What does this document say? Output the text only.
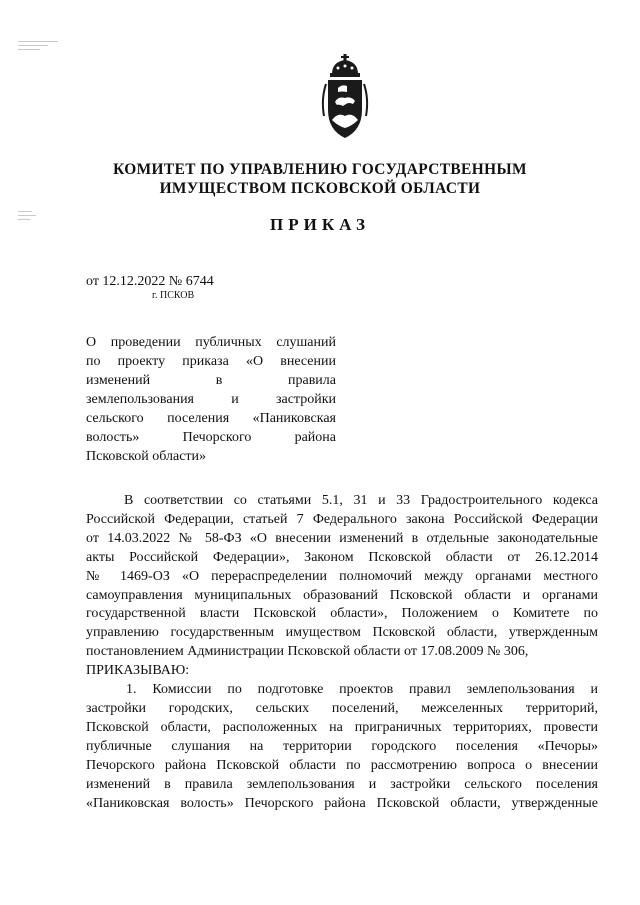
КОМИТЕТ ПО УПРАВЛЕНИЮ ГОСУДАРСТВЕННЫМ
ИМУЩЕСТВОМ ПСКОВСКОЙ ОБЛАСТИ
ПРИКАЗ
от 12.12.2022 № 6744
г. ПСКОВ
О проведении публичных слушаний
по проекту приказа «О внесении
изменений в правила
землепользования и застройки
сельского поселения «Паниковская
волость» Печорского района
Псковской области»
В соответствии со статьями 5.1, 31 и 33 Градостроительного кодекса
Российской Федерации, статьей 7 Федерального закона Российской Федерации
от 14.03.2022 № 58-ФЗ «О внесении изменений в отдельные законодательные
акты Российской Федерации», Законом Псковской области от 26.12.2014
№ 1469-ОЗ «О перераспределении полномочий между органами местного
самоуправления муниципальных образований Псковской области и органами
государственной власти Псковской области», Положением о Комитете по
управлению государственным имуществом Псковской области, утвержденным
постановлением Администрации Псковской области от 17.08.2009 № 306,
ПРИКАЗЫВАЮ:
1. Комиссии по подготовке проектов правил землепользования и
застройки городских, сельских поселений, межселенных территорий,
Псковской области, расположенных на приграничных территориях, провести
публичные слушания на территории городского поселения «Печоры»
Печорского района Псковской области по рассмотрению вопроса о внесении
изменений в правила землепользования и застройки сельского поселения
«Паниковская волость» Печорского района Псковской области, утвержденные
